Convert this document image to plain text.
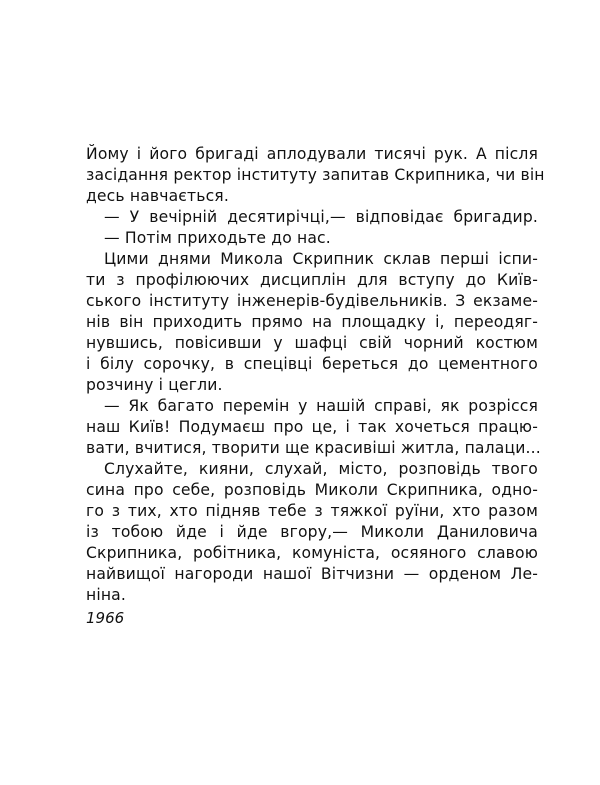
Йому і його бригаді аплодували тисячі рук. А після
засідання ректор інституту запитав Скрипника, чи він
десь навчається.
— У вечірній десятирічці,— відповідає бригадир.
— Потім приходьте до нас.
Цими днями Микола Скрипник склав перші іспи-
ти з профілюючих дисциплін для вступу до Київ-
ського інституту інженерів-будівельників. З екзаме-
нів він приходить прямо на площадку і, переодяг-
нувшись, повісивши у шафці свій чорний костюм
і білу сорочку, в спецівці береться до цементного
розчину і цегли.
— Як багато перемін у нашій справі, як розрісся
наш Київ! Подумаєш про це, і так хочеться працю-
вати, вчитися, творити ще красивіші житла, палаци...
Слухайте, кияни, слухай, місто, розповідь твого
сина про себе, розповідь Миколи Скрипника, одно-
го з тих, хто підняв тебе з тяжкої руїни, хто разом
із тобою йде і йде вгору,— Миколи Даниловича
Скрипника, робітника, комуніста, осяяного славою
найвищої нагороди нашої Вітчизни — орденом Ле-
ніна.
1966
